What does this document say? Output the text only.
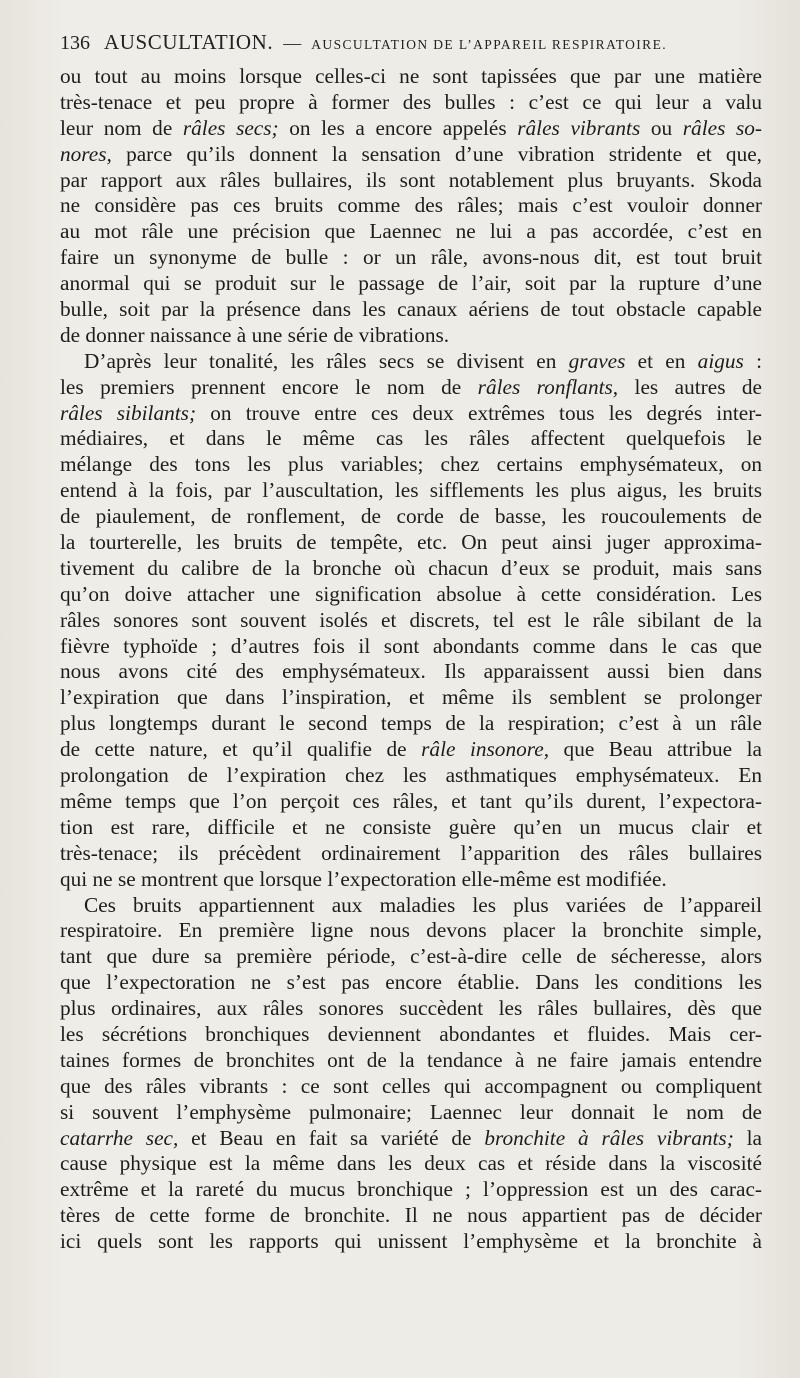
136 AUSCULTATION. — AUSCULTATION DE L’APPAREIL RESPIRATOIRE.
ou tout au moins lorsque celles-ci ne sont tapissées que par une matière
très-tenace et peu propre à former des bulles : c’est ce qui leur a valu
leur nom de râles secs; on les a encore appelés râles vibrants ou râles so-
nores, parce qu’ils donnent la sensation d’une vibration stridente et que,
par rapport aux râles bullaires, ils sont notablement plus bruyants. Skoda
ne considère pas ces bruits comme des râles; mais c’est vouloir donner
au mot râle une précision que Laennec ne lui a pas accordée, c’est en
faire un synonyme de bulle : or un râle, avons-nous dit, est tout bruit
anormal qui se produit sur le passage de l’air, soit par la rupture d’une
bulle, soit par la présence dans les canaux aériens de tout obstacle capable
de donner naissance à une série de vibrations.
D’après leur tonalité, les râles secs se divisent en graves et en aigus :
les premiers prennent encore le nom de râles ronflants, les autres de
râles sibilants; on trouve entre ces deux extrêmes tous les degrés inter-
médiaires, et dans le même cas les râles affectent quelquefois le
mélange des tons les plus variables; chez certains emphysémateux, on
entend à la fois, par l’auscultation, les sifflements les plus aigus, les bruits
de piaulement, de ronflement, de corde de basse, les roucoulements de
la tourterelle, les bruits de tempête, etc. On peut ainsi juger approxima-
tivement du calibre de la bronche où chacun d’eux se produit, mais sans
qu’on doive attacher une signification absolue à cette considération. Les
râles sonores sont souvent isolés et discrets, tel est le râle sibilant de la
fièvre typhoïde ; d’autres fois il sont abondants comme dans le cas que
nous avons cité des emphysémateux. Ils apparaissent aussi bien dans
l’expiration que dans l’inspiration, et même ils semblent se prolonger
plus longtemps durant le second temps de la respiration; c’est à un râle
de cette nature, et qu’il qualifie de râle insonore, que Beau attribue la
prolongation de l’expiration chez les asthmatiques emphysémateux. En
même temps que l’on perçoit ces râles, et tant qu’ils durent, l’expectora-
tion est rare, difficile et ne consiste guère qu’en un mucus clair et
très-tenace; ils précèdent ordinairement l’apparition des râles bullaires
qui ne se montrent que lorsque l’expectoration elle-même est modifiée.
Ces bruits appartiennent aux maladies les plus variées de l’appareil
respiratoire. En première ligne nous devons placer la bronchite simple,
tant que dure sa première période, c’est-à-dire celle de sécheresse, alors
que l’expectoration ne s’est pas encore établie. Dans les conditions les
plus ordinaires, aux râles sonores succèdent les râles bullaires, dès que
les sécrétions bronchiques deviennent abondantes et fluides. Mais cer-
taines formes de bronchites ont de la tendance à ne faire jamais entendre
que des râles vibrants : ce sont celles qui accompagnent ou compliquent
si souvent l’emphysème pulmonaire; Laennec leur donnait le nom de
catarrhe sec, et Beau en fait sa variété de bronchite à râles vibrants; la
cause physique est la même dans les deux cas et réside dans la viscosité
extrême et la rareté du mucus bronchique ; l’oppression est un des carac-
tères de cette forme de bronchite. Il ne nous appartient pas de décider
ici quels sont les rapports qui unissent l’emphysème et la bronchite à
